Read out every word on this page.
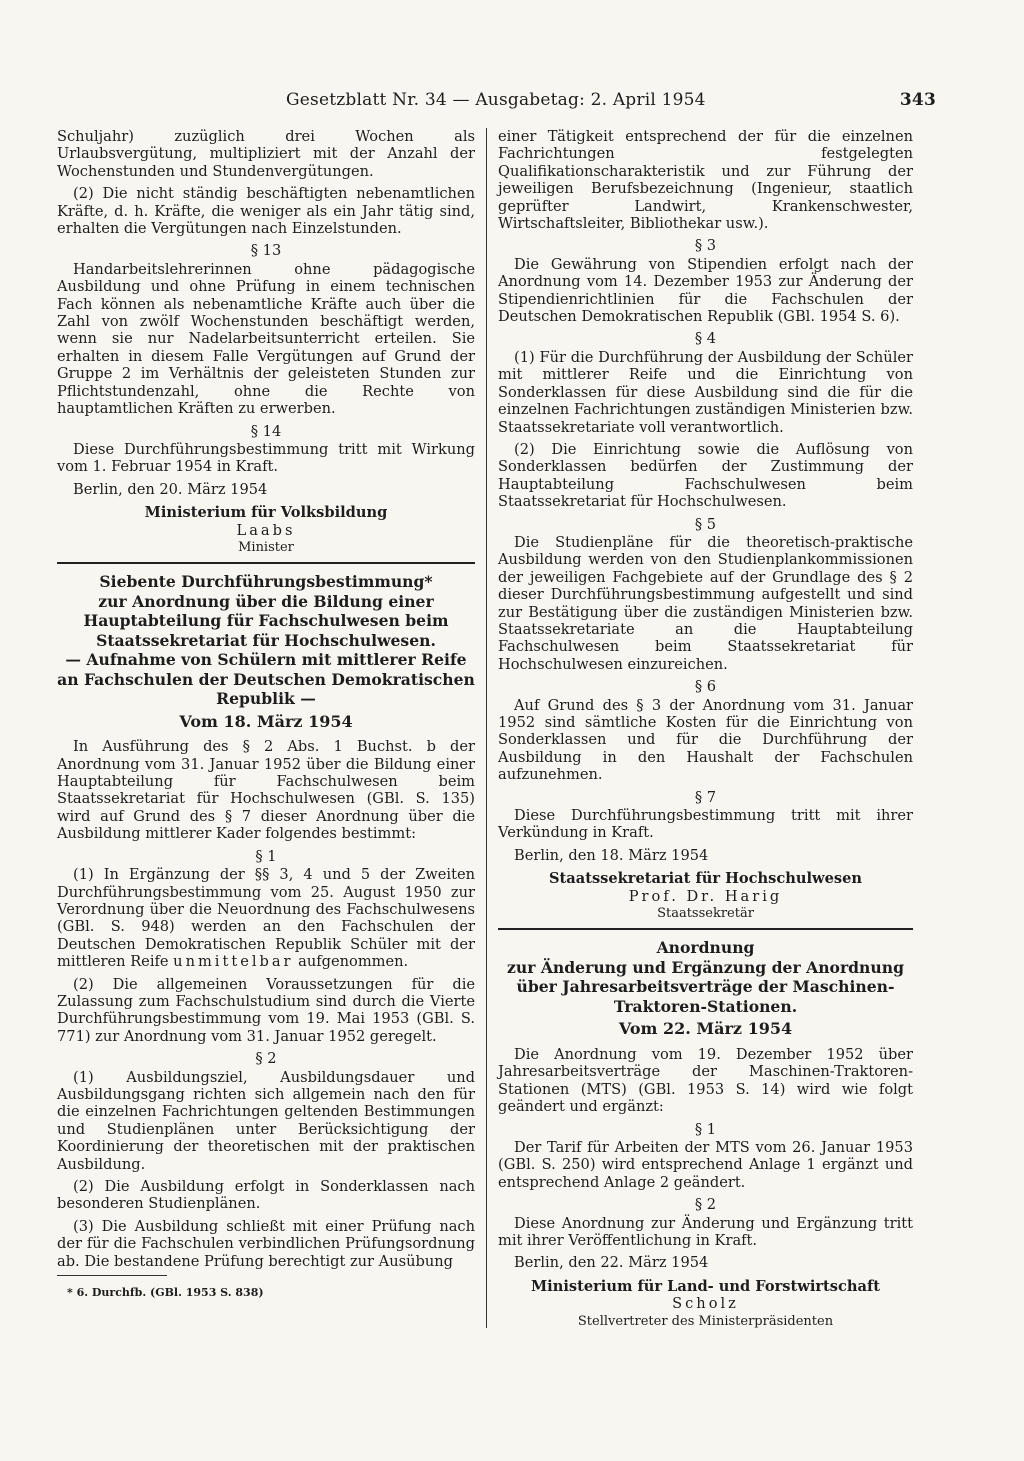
Gesetzblatt Nr. 34 — Ausgabetag: 2. April 1954	343

Schuljahr) zuzüglich drei Wochen als Urlaubsvergütung, multipliziert mit der Anzahl der Wochenstunden und Stundenvergütungen.

(2) Die nicht ständig beschäftigten nebenamtlichen Kräfte, d. h. Kräfte, die weniger als ein Jahr tätig sind, erhalten die Vergütungen nach Einzelstunden.

§ 13

Handarbeitslehrerinnen ohne pädagogische Ausbildung und ohne Prüfung in einem technischen Fach können als nebenamtliche Kräfte auch über die Zahl von zwölf Wochenstunden beschäftigt werden, wenn sie nur Nadelarbeitsunterricht erteilen. Sie erhalten in diesem Falle Vergütungen auf Grund der Gruppe 2 im Verhältnis der geleisteten Stunden zur Pflichtstundenzahl, ohne die Rechte von hauptamtlichen Kräften zu erwerben.

§ 14

Diese Durchführungsbestimmung tritt mit Wirkung vom 1. Februar 1954 in Kraft.

Berlin, den 20. März 1954
Ministerium für Volksbildung
Laabs
Minister
Siebente Durchführungsbestimmung*
zur Anordnung über die Bildung einer Hauptabteilung für Fachschulwesen beim Staatssekretariat für Hochschulwesen.
— Aufnahme von Schülern mit mittlerer Reife an Fachschulen der Deutschen Demokratischen Republik —
Vom 18. März 1954

In Ausführung des § 2 Abs. 1 Buchst. b der Anordnung vom 31. Januar 1952 über die Bildung einer Hauptabteilung für Fachschulwesen beim Staatssekretariat für Hochschulwesen (GBl. S. 135) wird auf Grund des § 7 dieser Anordnung über die Ausbildung mittlerer Kader folgendes bestimmt:

§ 1

(1) In Ergänzung der §§ 3, 4 und 5 der Zweiten Durchführungsbestimmung vom 25. August 1950 zur Verordnung über die Neuordnung des Fachschulwesens (GBl. S. 948) werden an den Fachschulen der Deutschen Demokratischen Republik Schüler mit der mittleren Reife unmittelbar aufgenommen.

(2) Die allgemeinen Voraussetzungen für die Zulassung zum Fachschulstudium sind durch die Vierte Durchführungsbestimmung vom 19. Mai 1953 (GBl. S. 771) zur Anordnung vom 31. Januar 1952 geregelt.

§ 2

(1) Ausbildungsziel, Ausbildungsdauer und Ausbildungsgang richten sich allgemein nach den für die einzelnen Fachrichtungen geltenden Bestimmungen und Studienplänen unter Berücksichtigung der Koordinierung der theoretischen mit der praktischen Ausbildung.

(2) Die Ausbildung erfolgt in Sonderklassen nach besonderen Studienplänen.

(3) Die Ausbildung schließt mit einer Prüfung nach der für die Fachschulen verbindlichen Prüfungsordnung ab. Die bestandene Prüfung berechtigt zur Ausübung

* 6. Durchfb. (GBl. 1953 S. 838)

einer Tätigkeit entsprechend der für die einzelnen Fachrichtungen festgelegten Qualifikationscharakteristik und zur Führung der jeweiligen Berufsbezeichnung (Ingenieur, staatlich geprüfter Landwirt, Krankenschwester, Wirtschaftsleiter, Bibliothekar usw.).

§ 3

Die Gewährung von Stipendien erfolgt nach der Anordnung vom 14. Dezember 1953 zur Änderung der Stipendienrichtlinien für die Fachschulen der Deutschen Demokratischen Republik (GBl. 1954 S. 6).

§ 4

(1) Für die Durchführung der Ausbildung der Schüler mit mittlerer Reife und die Einrichtung von Sonderklassen für diese Ausbildung sind die für die einzelnen Fachrichtungen zuständigen Ministerien bzw. Staatssekretariate voll verantwortlich.

(2) Die Einrichtung sowie die Auflösung von Sonderklassen bedürfen der Zustimmung der Hauptabteilung Fachschulwesen beim Staatssekretariat für Hochschulwesen.

§ 5

Die Studienpläne für die theoretisch-praktische Ausbildung werden von den Studienplankommissionen der jeweiligen Fachgebiete auf der Grundlage des § 2 dieser Durchführungsbestimmung aufgestellt und sind zur Bestätigung über die zuständigen Ministerien bzw. Staatssekretariate an die Hauptabteilung Fachschulwesen beim Staatssekretariat für Hochschulwesen einzureichen.

§ 6

Auf Grund des § 3 der Anordnung vom 31. Januar 1952 sind sämtliche Kosten für die Einrichtung von Sonderklassen und für die Durchführung der Ausbildung in den Haushalt der Fachschulen aufzunehmen.

§ 7

Diese Durchführungsbestimmung tritt mit ihrer Verkündung in Kraft.

Berlin, den 18. März 1954
Staatssekretariat für Hochschulwesen
Prof. Dr. Harig
Staatssekretär
Anordnung
zur Änderung und Ergänzung der Anordnung über Jahresarbeitsverträge der Maschinen-Traktoren-Stationen.
Vom 22. März 1954

Die Anordnung vom 19. Dezember 1952 über Jahresarbeitsverträge der Maschinen-Traktoren-Stationen (MTS) (GBl. 1953 S. 14) wird wie folgt geändert und ergänzt:

§ 1

Der Tarif für Arbeiten der MTS vom 26. Januar 1953 (GBl. S. 250) wird entsprechend Anlage 1 ergänzt und entsprechend Anlage 2 geändert.

§ 2

Diese Anordnung zur Änderung und Ergänzung tritt mit ihrer Veröffentlichung in Kraft.

Berlin, den 22. März 1954
Ministerium für Land- und Forstwirtschaft
Scholz
Stellvertreter des Ministerpräsidenten
